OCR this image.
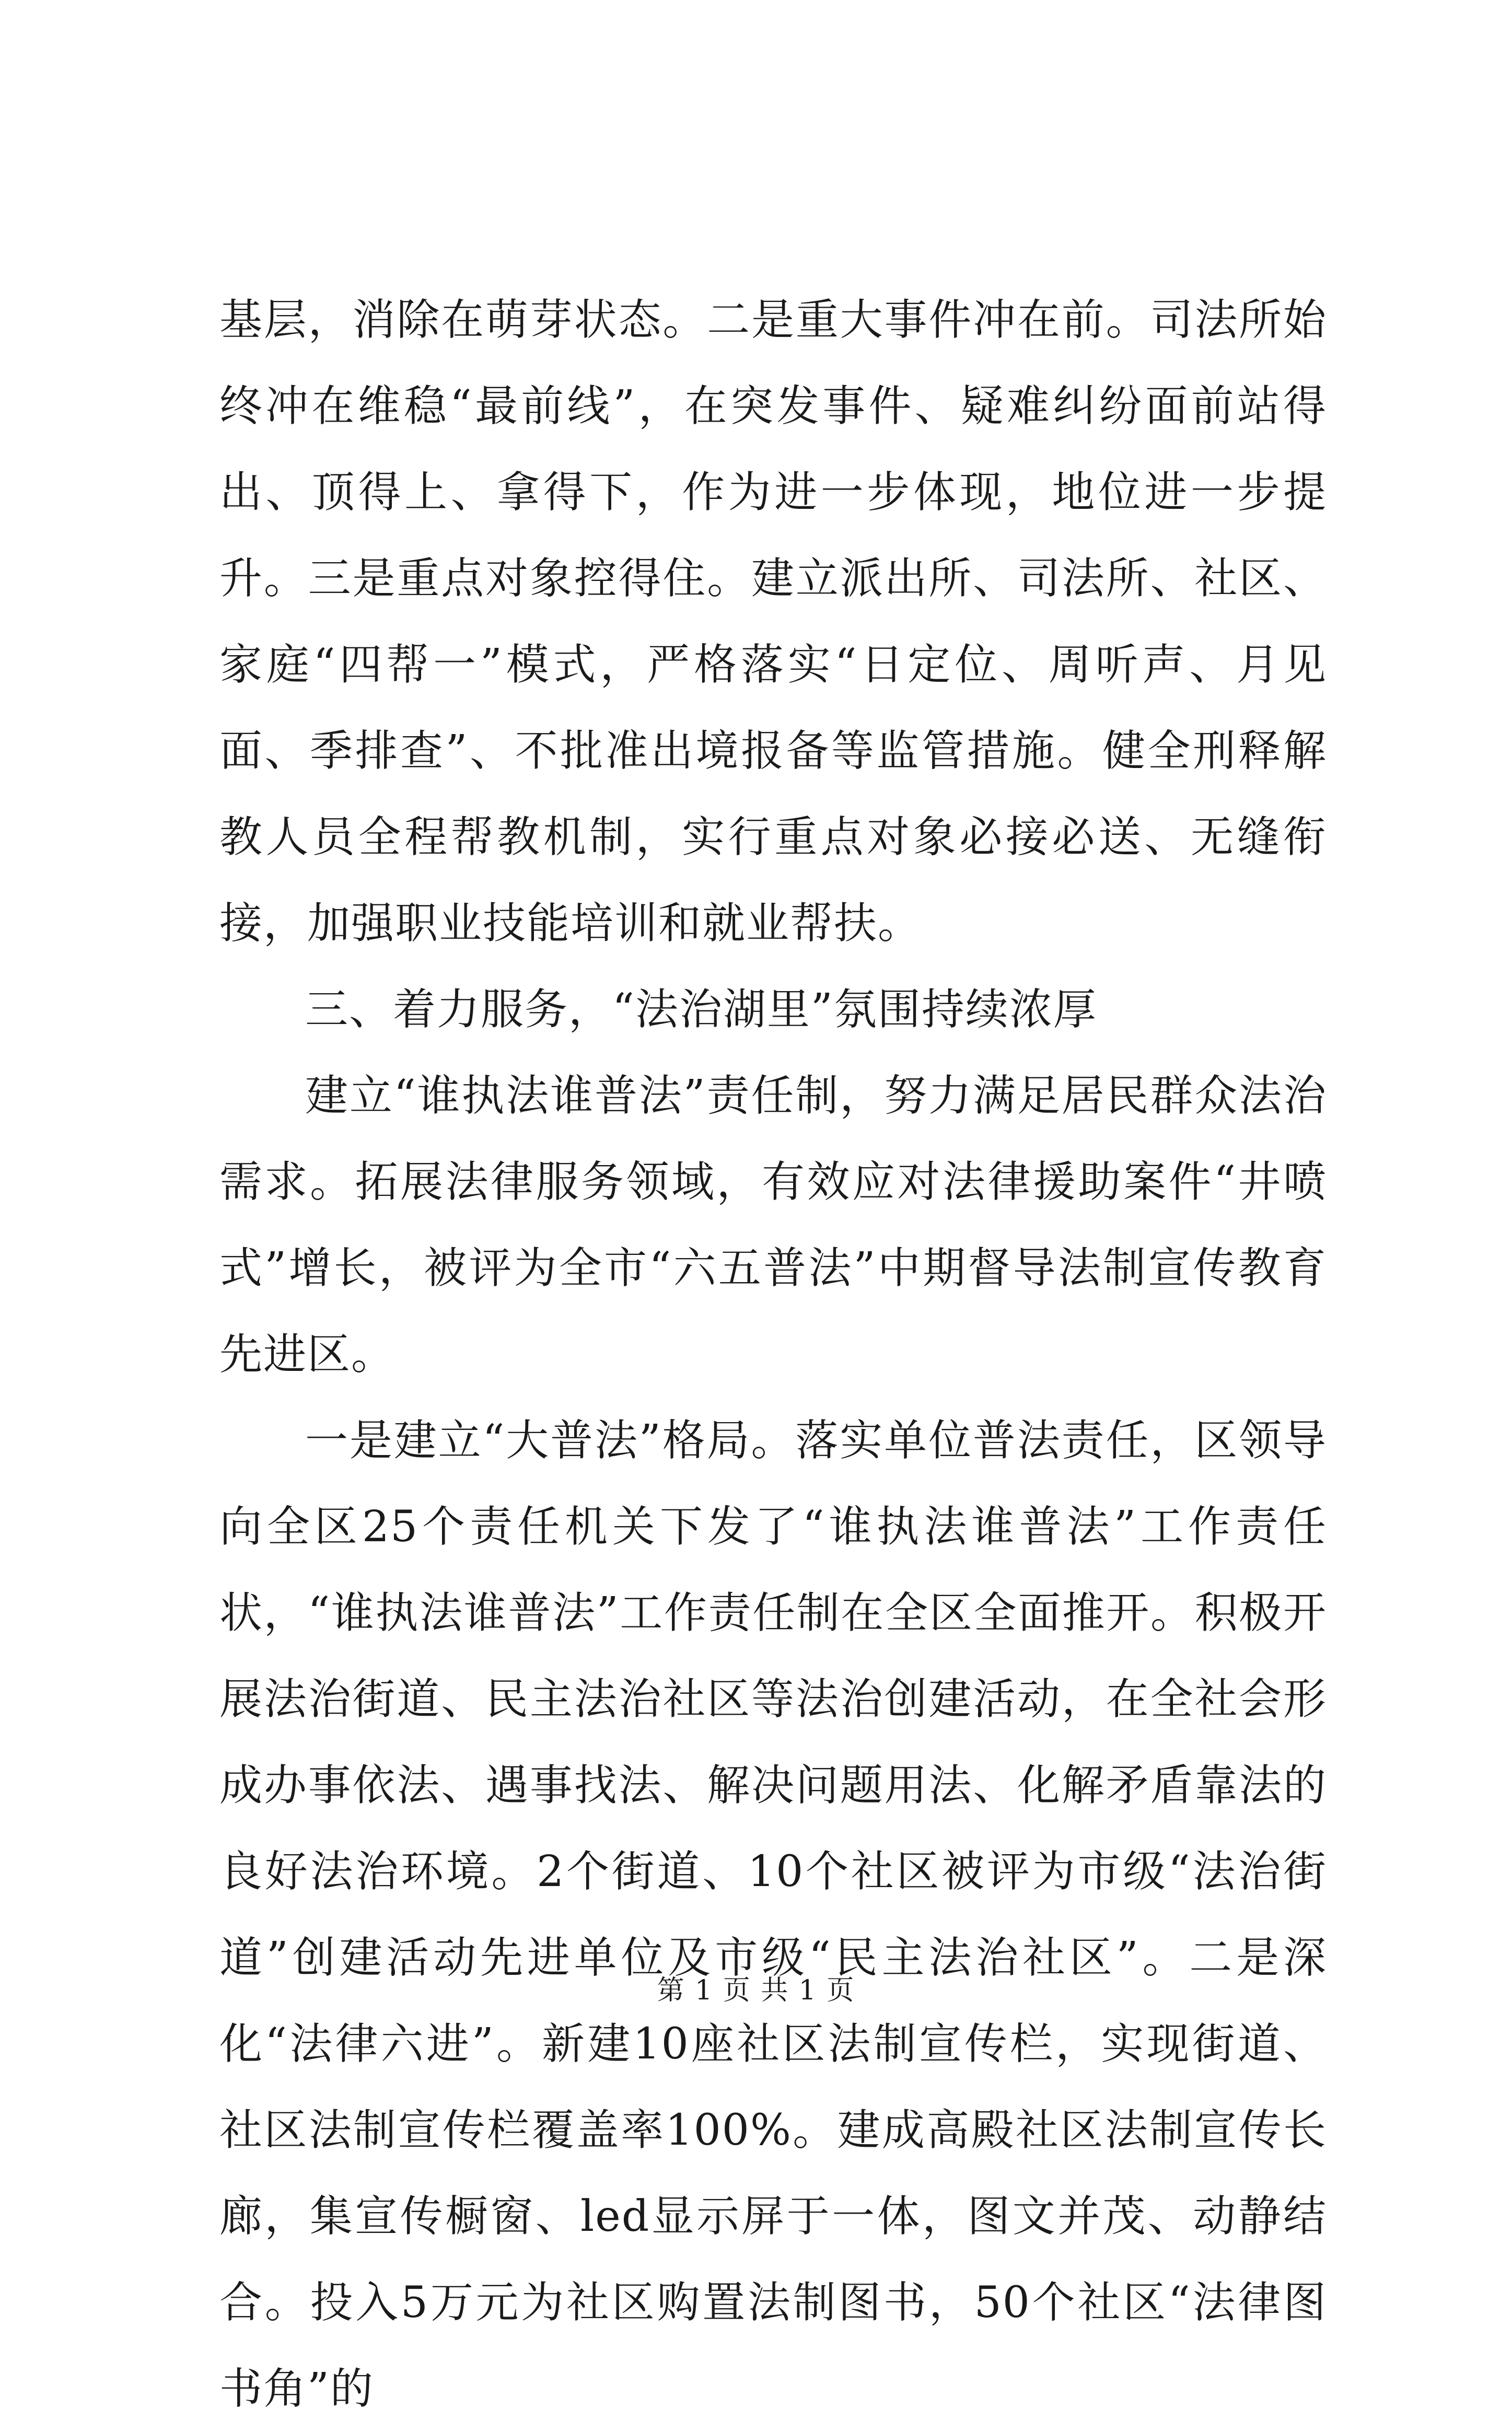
基层，消除在萌芽状态。二是重大事件冲在前。司法所始终冲在维稳“最前线”，在突发事件、疑难纠纷面前站得出、顶得上、拿得下，作为进一步体现，地位进一步提升。三是重点对象控得住。建立派出所、司法所、社区、家庭“四帮一”模式，严格落实“日定位、周听声、月见面、季排查”、不批准出境报备等监管措施。健全刑释解教人员全程帮教机制，实行重点对象必接必送、无缝衔接，加强职业技能培训和就业帮扶。

三、着力服务，“法治湖里”氛围持续浓厚

建立“谁执法谁普法”责任制，努力满足居民群众法治需求。拓展法律服务领域，有效应对法律援助案件“井喷式”增长，被评为全市“六五普法”中期督导法制宣传教育先进区。

一是建立“大普法”格局。落实单位普法责任，区领导向全区25个责任机关下发了“谁执法谁普法”工作责任状，“谁执法谁普法”工作责任制在全区全面推开。积极开展法治街道、民主法治社区等法治创建活动，在全社会形成办事依法、遇事找法、解决问题用法、化解矛盾靠法的良好法治环境。2个街道、10个社区被评为市级“法治街道”创建活动先进单位及市级“民主法治社区”。二是深化“法律六进”。新建10座社区法制宣传栏，实现街道、社区法制宣传栏覆盖率100%。建成高殿社区法制宣传长廊，集宣传橱窗、led显示屏于一体，图文并茂、动静结合。投入5万元为社区购置法制图书，50个社区“法律图书角”的

第 1 页 共 1 页
